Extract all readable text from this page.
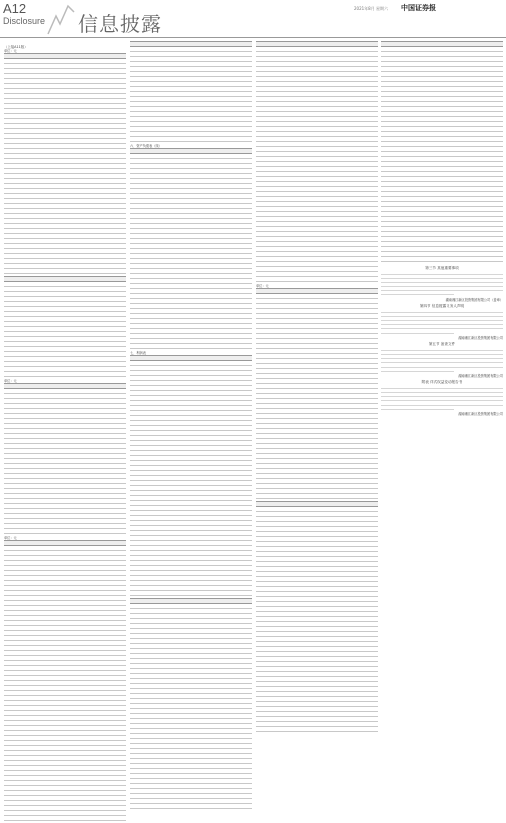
A12
Disclosure 信息披露
2021年8月 星期六 中国证券报
（上接A11版）
单位：元

单位：元

单位：元

六、资产负债表（续）

七、利润表

单位：元

第三节 其他重要事项
湖南湘江新区投资集团有限公司（盖章）
第四节 信息披露义务人声明
湖南湘江新区投资集团有限公司
第五节 备查文件
湖南湘江新区投资集团有限公司
附表 详式权益变动报告书
湖南湘江新区投资集团有限公司
